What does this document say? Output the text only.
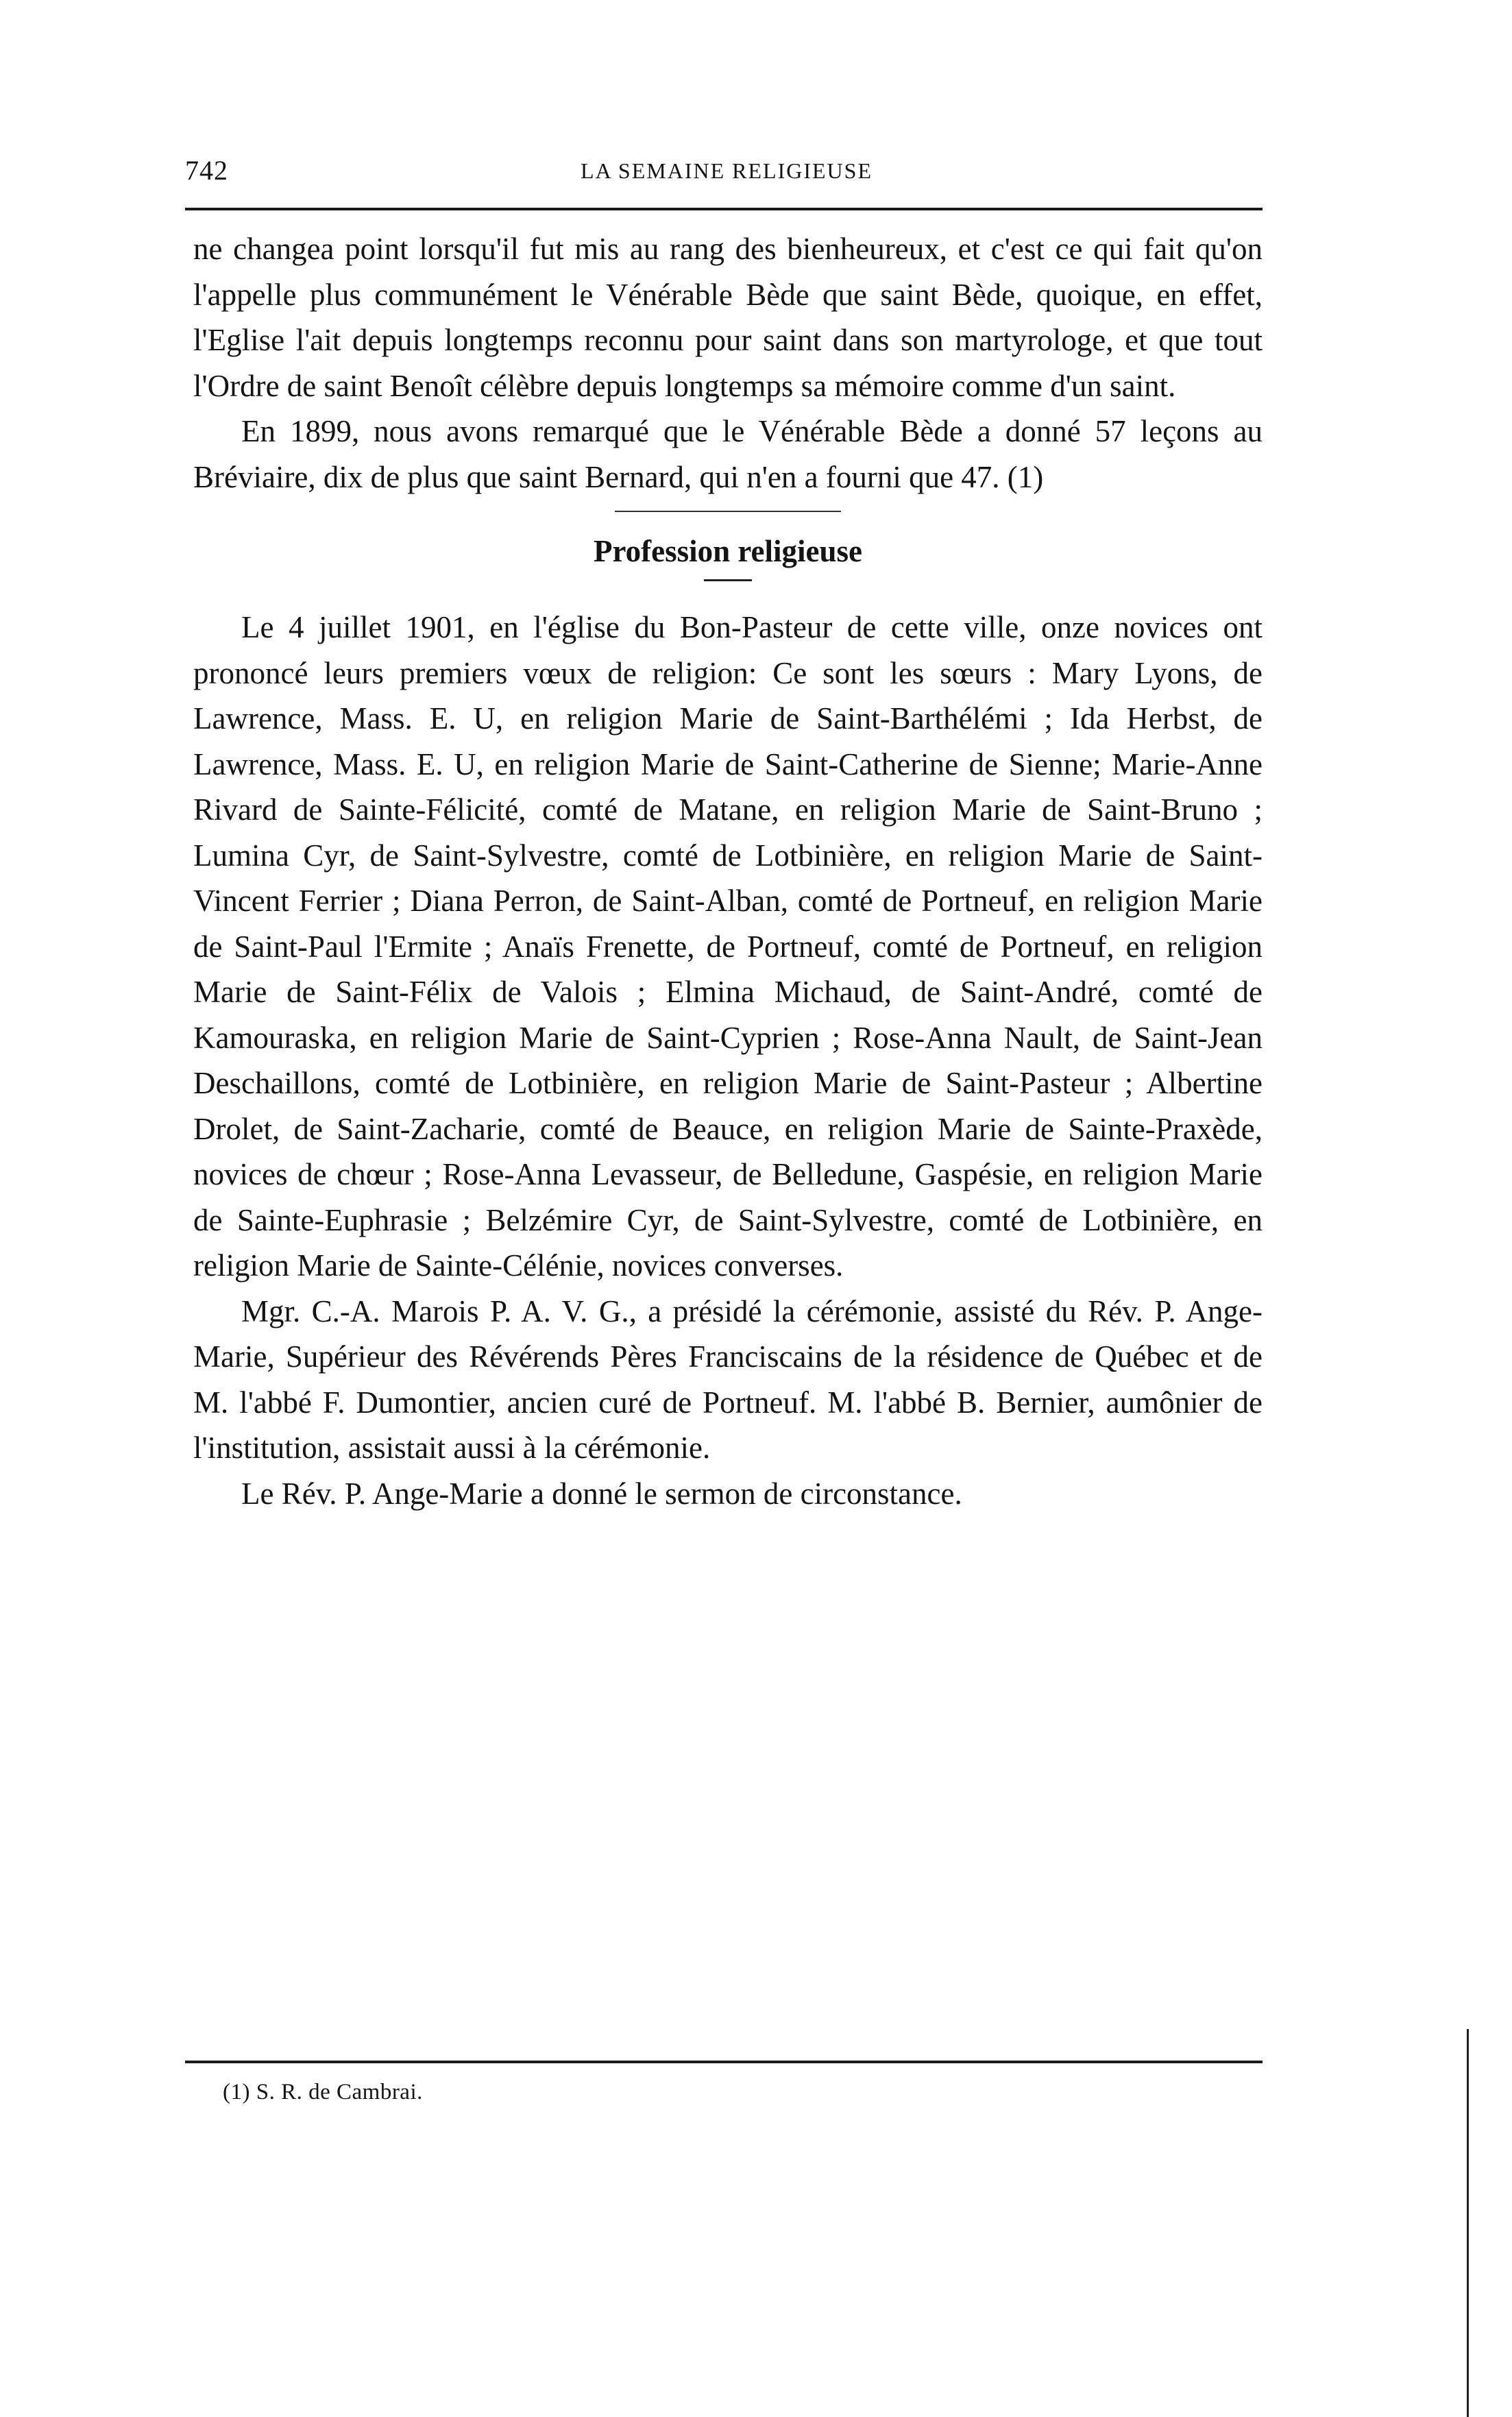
742	LA SEMAINE RELIGIEUSE

ne changea point lorsqu'il fut mis au rang des bienheureux, et c'est ce qui fait qu'on l'appelle plus communément le Vénérable Bède que saint Bède, quoique, en effet, l'Eglise l'ait depuis longtemps reconnu pour saint dans son martyrologe, et que tout l'Ordre de saint Benoît célèbre depuis longtemps sa mémoire comme d'un saint.

En 1899, nous avons remarqué que le Vénérable Bède a donné 57 leçons au Bréviaire, dix de plus que saint Bernard, qui n'en a fourni que 47. (1)

Profession religieuse

Le 4 juillet 1901, en l'église du Bon-Pasteur de cette ville, onze novices ont prononcé leurs premiers vœux de religion: Ce sont les sœurs : Mary Lyons, de Lawrence, Mass. E. U, en religion Marie de Saint-Barthélémi ; Ida Herbst, de Lawrence, Mass. E. U, en religion Marie de Saint-Catherine de Sienne; Marie-Anne Rivard de Sainte-Félicité, comté de Matane, en religion Marie de Saint-Bruno ; Lumina Cyr, de Saint-Sylvestre, comté de Lotbinière, en religion Marie de Saint-Vincent Ferrier ; Diana Perron, de Saint-Alban, comté de Portneuf, en religion Marie de Saint-Paul l'Ermite ; Anaïs Frenette, de Portneuf, comté de Portneuf, en religion Marie de Saint-Félix de Valois ; Elmina Michaud, de Saint-André, comté de Kamouraska, en religion Marie de Saint-Cyprien ; Rose-Anna Nault, de Saint-Jean Deschaillons, comté de Lotbinière, en religion Marie de Saint-Pasteur ; Albertine Drolet, de Saint-Zacharie, comté de Beauce, en religion Marie de Sainte-Praxède, novices de chœur ; Rose-Anna Levasseur, de Belledune, Gaspésie, en religion Marie de Sainte-Euphrasie ; Belzémire Cyr, de Saint-Sylvestre, comté de Lotbinière, en religion Marie de Sainte-Célénie, novices converses.

Mgr. C.-A. Marois P. A. V. G., a présidé la cérémonie, assisté du Rév. P. Ange-Marie, Supérieur des Révérends Pères Franciscains de la résidence de Québec et de M. l'abbé F. Dumontier, ancien curé de Portneuf. M. l'abbé B. Bernier, aumônier de l'institution, assistait aussi à la cérémonie.

Le Rév. P. Ange-Marie a donné le sermon de circonstance.

(1) S. R. de Cambrai.
